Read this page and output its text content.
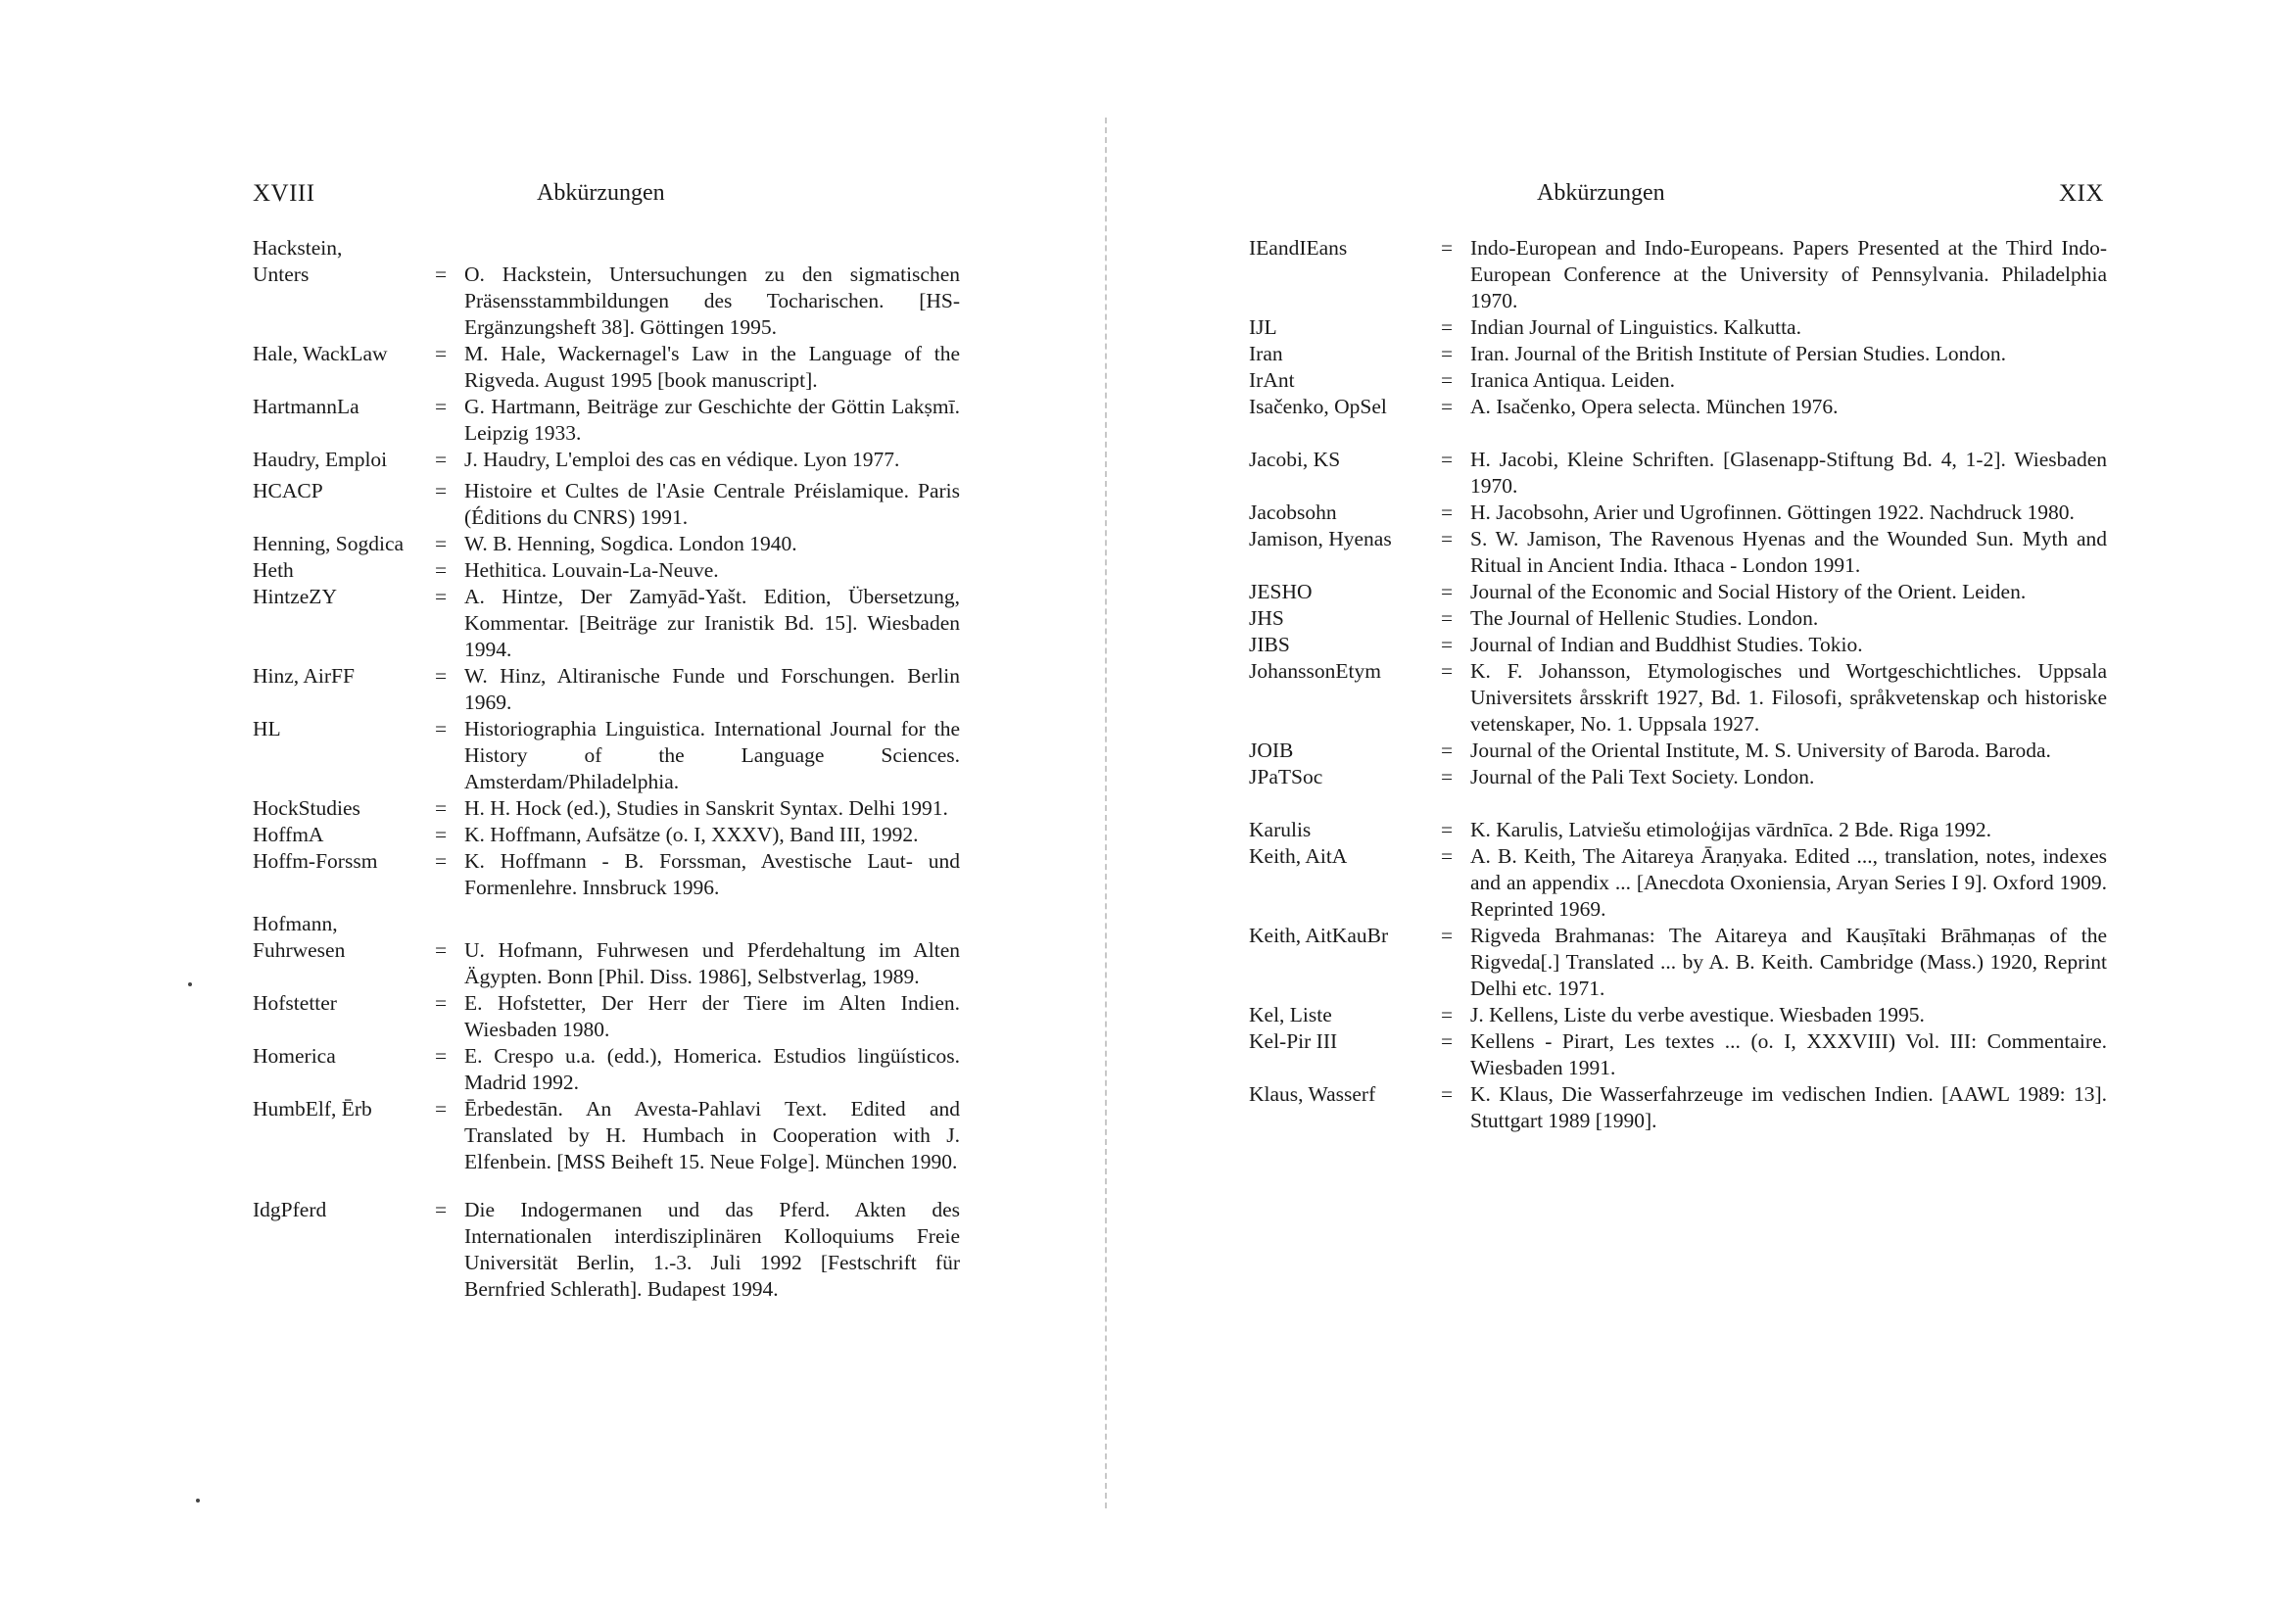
XVIII	Abkürzungen
Hackstein,
Unters	= O. Hackstein, Untersuchungen zu den sigmatischen Präsensstammbildungen des Tocharischen. [HS-Ergänzungsheft 38]. Göttingen 1995.
Hale, WackLaw	= M. Hale, Wackernagel's Law in the Language of the Rigveda. August 1995 [book manuscript].
HartmannLa	= G. Hartmann, Beiträge zur Geschichte der Göttin Lakṣmī. Leipzig 1933.
Haudry, Emploi	= J. Haudry, L'emploi des cas en védique. Lyon 1977.
HCACP	= Histoire et Cultes de l'Asie Centrale Préislamique. Paris (Éditions du CNRS) 1991.
Henning, Sogdica	= W. B. Henning, Sogdica. London 1940.
Heth	= Hethitica. Louvain-La-Neuve.
HintzeZY	= A. Hintze, Der Zamyād-Yašt. Edition, Übersetzung, Kommentar. [Beiträge zur Iranistik Bd. 15]. Wiesbaden 1994.
Hinz, AirFF	= W. Hinz, Altiranische Funde und Forschungen. Berlin 1969.
HL	= Historiographia Linguistica. International Journal for the History of the Language Sciences. Amsterdam/Philadelphia.
HockStudies	= H. H. Hock (ed.), Studies in Sanskrit Syntax. Delhi 1991.
HoffmA	= K. Hoffmann, Aufsätze (o. I, XXXV), Band III, 1992.
Hoffm-Forssm	= K. Hoffmann - B. Forssman, Avestische Laut- und Formenlehre. Innsbruck 1996.
Hofmann,
Fuhrwesen	= U. Hofmann, Fuhrwesen und Pferdehaltung im Alten Ägypten. Bonn [Phil. Diss. 1986], Selbstverlag, 1989.
Hofstetter	= E. Hofstetter, Der Herr der Tiere im Alten Indien. Wiesbaden 1980.
Homerica	= E. Crespo u.a. (edd.), Homerica. Estudios lingüísticos. Madrid 1992.
HumbElf, Ērb	= Ērbedestān. An Avesta-Pahlavi Text. Edited and Translated by H. Humbach in Cooperation with J. Elfenbein. [MSS Beiheft 15. Neue Folge]. München 1990.
IdgPferd	= Die Indogermanen und das Pferd. Akten des Internationalen interdisziplinären Kolloquiums Freie Universität Berlin, 1.-3. Juli 1992 [Festschrift für Bernfried Schlerath]. Budapest 1994.
Abkürzungen	XIX
IEandIEans	= Indo-European and Indo-Europeans. Papers Presented at the Third Indo-European Conference at the University of Pennsylvania. Philadelphia 1970.
IJL	= Indian Journal of Linguistics. Kalkutta.
Iran	= Iran. Journal of the British Institute of Persian Studies. London.
IrAnt	= Iranica Antiqua. Leiden.
Isačenko, OpSel	= A. Isačenko, Opera selecta. München 1976.
Jacobi, KS	= H. Jacobi, Kleine Schriften. [Glasenapp-Stiftung Bd. 4, 1-2]. Wiesbaden 1970.
Jacobsohn	= H. Jacobsohn, Arier und Ugrofinnen. Göttingen 1922. Nachdruck 1980.
Jamison, Hyenas	= S. W. Jamison, The Ravenous Hyenas and the Wounded Sun. Myth and Ritual in Ancient India. Ithaca - London 1991.
JESHO	= Journal of the Economic and Social History of the Orient. Leiden.
JHS	= The Journal of Hellenic Studies. London.
JIBS	= Journal of Indian and Buddhist Studies. Tokio.
JohanssonEtym	= K. F. Johansson, Etymologisches und Wortgeschichtliches. Uppsala Universitets årsskrift 1927, Bd. 1. Filosofi, språkvetenskap och historiske vetenskaper, No. 1. Uppsala 1927.
JOIB	= Journal of the Oriental Institute, M. S. University of Baroda. Baroda.
JPaTSoc	= Journal of the Pali Text Society. London.
Karulis	= K. Karulis, Latviešu etimoloģijas vārdnīca. 2 Bde. Riga 1992.
Keith, AitA	= A. B. Keith, The Aitareya Āraṇyaka. Edited ..., translation, notes, indexes and an appendix ... [Anecdota Oxoniensia, Aryan Series I 9]. Oxford 1909. Reprinted 1969.
Keith, AitKauBr	= Rigveda Brahmanas: The Aitareya and Kauṣītaki Brāhmaṇas of the Rigveda[.] Translated ... by A. B. Keith. Cambridge (Mass.) 1920, Reprint Delhi etc. 1971.
Kel, Liste	= J. Kellens, Liste du verbe avestique. Wiesbaden 1995.
Kel-Pir III	= Kellens - Pirart, Les textes ... (o. I, XXXVIII) Vol. III: Commentaire. Wiesbaden 1991.
Klaus, Wasserf	= K. Klaus, Die Wasserfahrzeuge im vedischen Indien. [AAWL 1989: 13]. Stuttgart 1989 [1990].
